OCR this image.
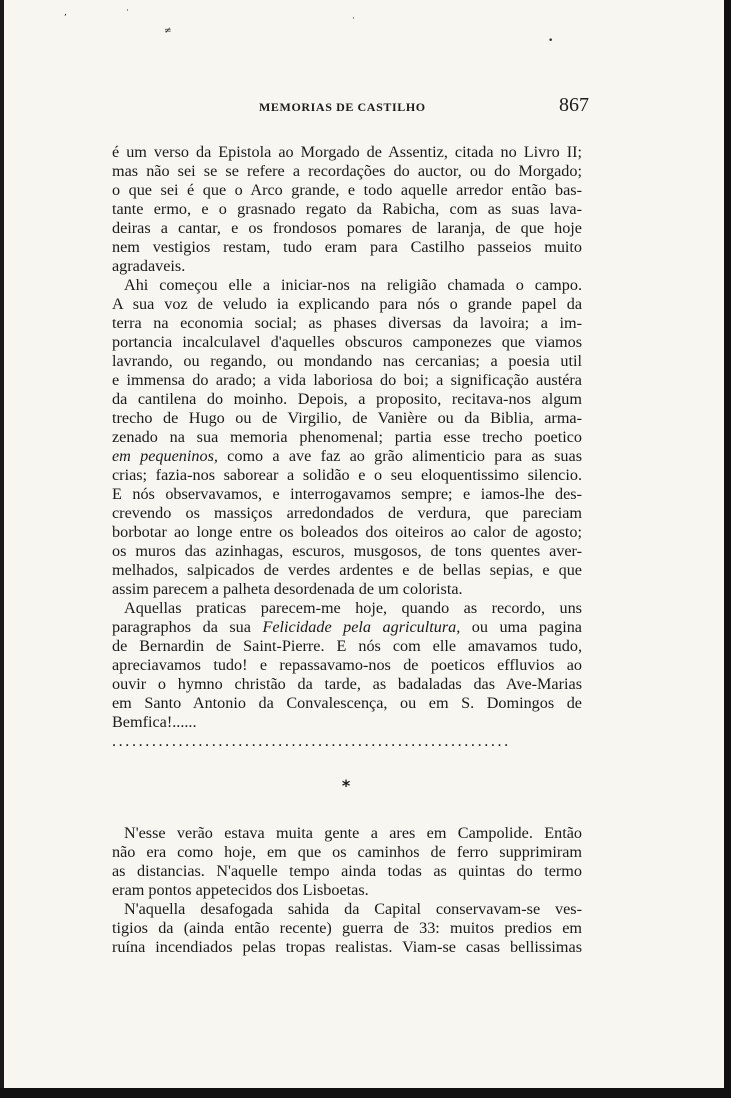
,	·
≠
·
•
MEMORIAS DE CASTILHO	867
é um verso da Epistola ao Morgado de Assentiz, citada no Livro II;
mas não sei se se refere a recordações do auctor, ou do Morgado;
o que sei é que o Arco grande, e todo aquelle arredor então bas-
tante ermo, e o grasnado regato da Rabicha, com as suas lava-
deiras a cantar, e os frondosos pomares de laranja, de que hoje
nem vestigios restam, tudo eram para Castilho passeios muito
agradaveis.
Ahi começou elle a iniciar-nos na religião chamada o campo.
A sua voz de veludo ia explicando para nós o grande papel da
terra na economia social; as phases diversas da lavoira; a im-
portancia incalculavel d'aquelles obscuros camponezes que viamos
lavrando, ou regando, ou mondando nas cercanias; a poesia util
e immensa do arado; a vida laboriosa do boi; a significação austéra
da cantilena do moinho. Depois, a proposito, recitava-nos algum
trecho de Hugo ou de Virgilio, de Vanière ou da Biblia, arma-
zenado na sua memoria phenomenal; partia esse trecho poetico
em pequeninos, como a ave faz ao grão alimenticio para as suas
crias; fazia-nos saborear a solidão e o seu eloquentissimo silencio.
E nós observavamos, e interrogavamos sempre; e iamos-lhe des-
crevendo os massiços arredondados de verdura, que pareciam
borbotar ao longe entre os boleados dos oiteiros ao calor de agosto;
os muros das azinhagas, escuros, musgosos, de tons quentes aver-
melhados, salpicados de verdes ardentes e de bellas sepias, e que
assim parecem a palheta desordenada de um colorista.
Aquellas praticas parecem-me hoje, quando as recordo, uns
paragraphos da sua Felicidade pela agricultura, ou uma pagina
de Bernardin de Saint-Pierre. E nós com elle amavamos tudo,
apreciavamos tudo! e repassavamo-nos de poeticos effluvios ao
ouvir o hymno christão da tarde, as badaladas das Ave-Marias
em Santo Antonio da Convalescença, ou em S. Domingos de
Bemfica!......
............................................................
*
N'esse verão estava muita gente a ares em Campolide. Então
não era como hoje, em que os caminhos de ferro supprimiram
as distancias. N'aquelle tempo ainda todas as quintas do termo
eram pontos appetecidos dos Lisboetas.
N'aquella desafogada sahida da Capital conservavam-se ves-
tigios da (ainda então recente) guerra de 33: muitos predios em
ruína incendiados pelas tropas realistas. Viam-se casas bellissimas
